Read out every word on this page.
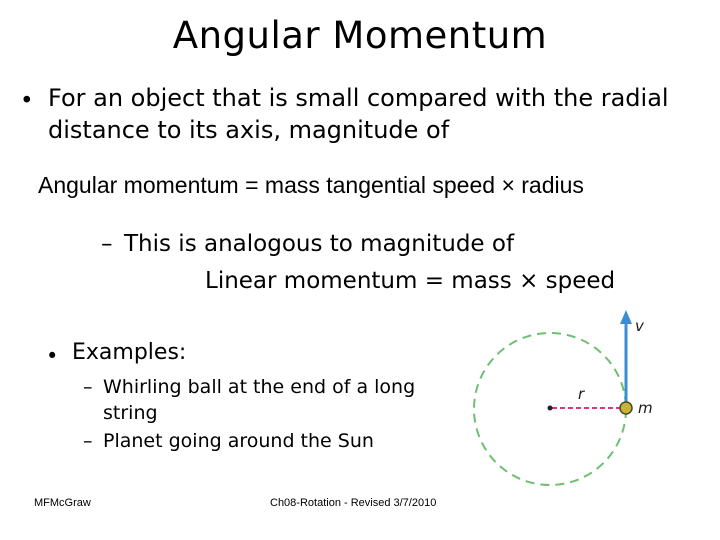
Angular Momentum
• For an object that is small compared with the radial
distance to its axis, magnitude of
Angular momentum = mass tangential speed × radius
– This is analogous to magnitude of
Linear momentum = mass × speed
• Examples:
– Whirling ball at the end of a long
string
– Planet going around the Sun
v
r
m
MFMcGraw	Ch08-Rotation - Revised 3/7/2010
